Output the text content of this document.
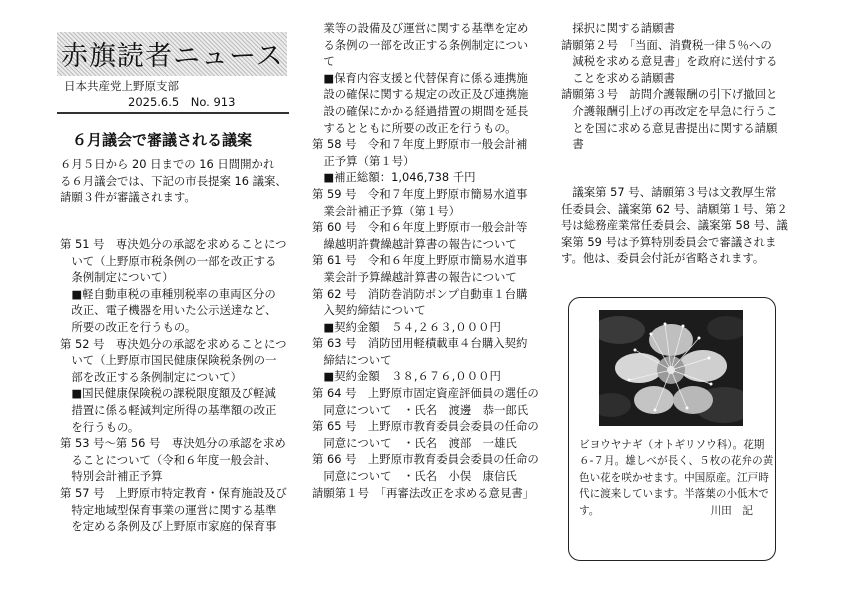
赤旗読者ニュース
日本共産党上野原支部
2025.6.5　No. 913
６月議会で審議される議案
６月５日から 20 日までの 16 日間開かれ
る６月議会では、下記の市長提案 16 議案、
請願３件が審議されます。
第 51 号　専決処分の承認を求めることにつ
　いて（上野原市税条例の一部を改正する
　条例制定について）
　■軽自動車税の車種別税率の車両区分の
　改正、電子機器を用いた公示送達など、
　所要の改正を行うもの。
第 52 号　専決処分の承認を求めることにつ
　いて（上野原市国民健康保険税条例の一
　部を改正する条例制定について）
　■国民健康保険税の課税限度額及び軽減
　措置に係る軽減判定所得の基準額の改正
　を行うもの。
第 53 号～第 56 号　専決処分の承認を求め
　ることについて（令和６年度一般会計、
　特別会計補正予算
第 57 号　上野原市特定教育・保育施設及び
　特定地域型保育事業の運営に関する基準
　を定める条例及び上野原市家庭的保育事
　業等の設備及び運営に関する基準を定め
　る条例の一部を改正する条例制定につい
　て
　■保育内容支援と代替保育に係る連携施
　設の確保に関する規定の改正及び連携施
　設の確保にかかる経過措置の期間を延長
　するとともに所要の改正を行うもの。
第 58 号　令和７年度上野原市一般会計補
　正予算（第１号）
　■補正総額：1,046,738 千円
第 59 号　令和７年度上野原市簡易水道事
　業会計補正予算（第１号）
第 60 号　令和６年度上野原市一般会計等
　繰越明許費繰越計算書の報告について
第 61 号　令和６年度上野原市簡易水道事
　業会計予算繰越計算書の報告について
第 62 号　消防巻消防ポンプ自動車１台購
　入契約締結について
　■契約金額　５４,２６３,０００円
第 63 号　消防団用軽積載車４台購入契約
　締結について
　■契約金額　３８,６７６,０００円
第 64 号　上野原市固定資産評価員の選任の
　同意について　・氏名　渡邊　恭一郎氏
第 65 号　上野原市教育委員会委員の任命の
　同意について　・氏名　渡部　一雄氏
第 66 号　上野原市教育委員会委員の任命の
　同意について　・氏名　小俣　康信氏
請願第１号　「再審法改正を求める意見書」
　採択に関する請願書
請願第２号　「当面、消費税一律５％への
　減税を求める意見書」を政府に送付する
　ことを求める請願書
請願第３号　訪問介護報酬の引下げ撤回と
　介護報酬引上げの再改定を早急に行うこ
　とを国に求める意見書提出に関する請願
　書
　議案第 57 号、請願第３号は文教厚生常
任委員会、議案第 62 号、請願第１号、第２
号は総務産業常任委員会、議案第 58 号、議
案第 59 号は予算特別委員会で審議されま
す。他は、委員会付託が省略されます。
ビヨウヤナギ（オトギリソウ科）。花期
６-７月。雄しべが長く、５枚の花弁の黄
色い花を咲かせます。中国原産。江戸時
代に渡来しています。半落葉の小低木で
す。　　　　　　　　　　　川田　記
